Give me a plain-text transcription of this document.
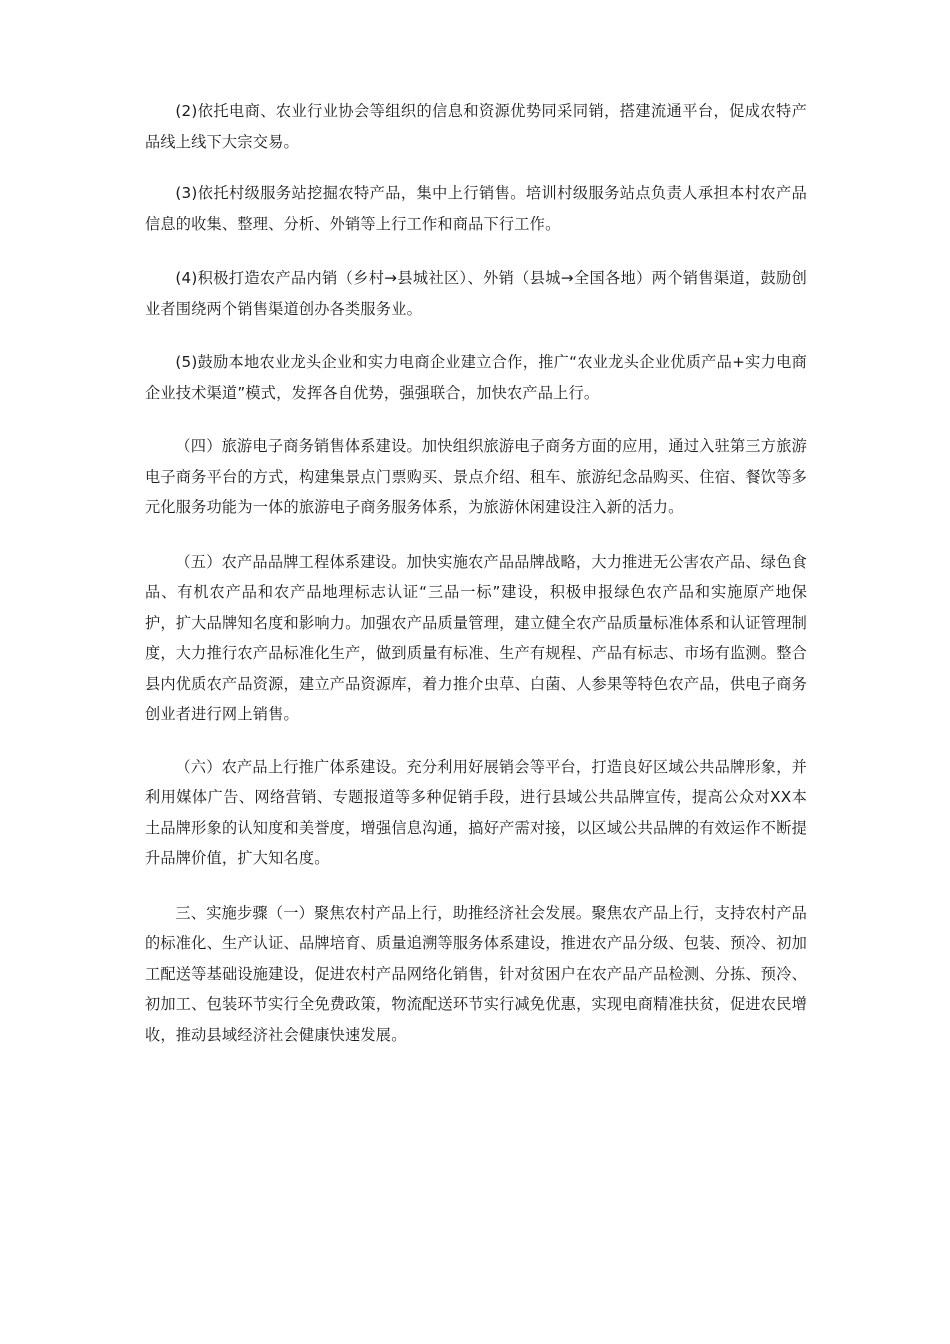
(2)依托电商、农业行业协会等组织的信息和资源优势同采同销，搭建流通平台，促成农特产品线上线下大宗交易。

(3)依托村级服务站挖掘农特产品，集中上行销售。培训村级服务站点负责人承担本村农产品信息的收集、整理、分析、外销等上行工作和商品下行工作。

(4)积极打造农产品内销（乡村→县城社区）、外销（县城→全国各地）两个销售渠道，鼓励创业者围绕两个销售渠道创办各类服务业。

(5)鼓励本地农业龙头企业和实力电商企业建立合作，推广“农业龙头企业优质产品+实力电商企业技术渠道”模式，发挥各自优势，强强联合，加快农产品上行。

（四）旅游电子商务销售体系建设。加快组织旅游电子商务方面的应用，通过入驻第三方旅游电子商务平台的方式，构建集景点门票购买、景点介绍、租车、旅游纪念品购买、住宿、餐饮等多元化服务功能为一体的旅游电子商务服务体系，为旅游休闲建设注入新的活力。

（五）农产品品牌工程体系建设。加快实施农产品品牌战略，大力推进无公害农产品、绿色食品、有机农产品和农产品地理标志认证“三品一标”建设，积极申报绿色农产品和实施原产地保护，扩大品牌知名度和影响力。加强农产品质量管理，建立健全农产品质量标准体系和认证管理制度，大力推行农产品标准化生产，做到质量有标准、生产有规程、产品有标志、市场有监测。整合县内优质农产品资源，建立产品资源库，着力推介虫草、白菌、人参果等特色农产品，供电子商务创业者进行网上销售。

（六）农产品上行推广体系建设。充分利用好展销会等平台，打造良好区域公共品牌形象，并利用媒体广告、网络营销、专题报道等多种促销手段，进行县域公共品牌宣传，提高公众对XX本土品牌形象的认知度和美誉度，增强信息沟通，搞好产需对接，以区域公共品牌的有效运作不断提升品牌价值，扩大知名度。

三、实施步骤（一）聚焦农村产品上行，助推经济社会发展。聚焦农产品上行，支持农村产品的标准化、生产认证、品牌培育、质量追溯等服务体系建设，推进农产品分级、包装、预冷、初加工配送等基础设施建设，促进农村产品网络化销售，针对贫困户在农产品产品检测、分拣、预冷、初加工、包装环节实行全免费政策，物流配送环节实行减免优惠，实现电商精准扶贫，促进农民增收，推动县域经济社会健康快速发展。
